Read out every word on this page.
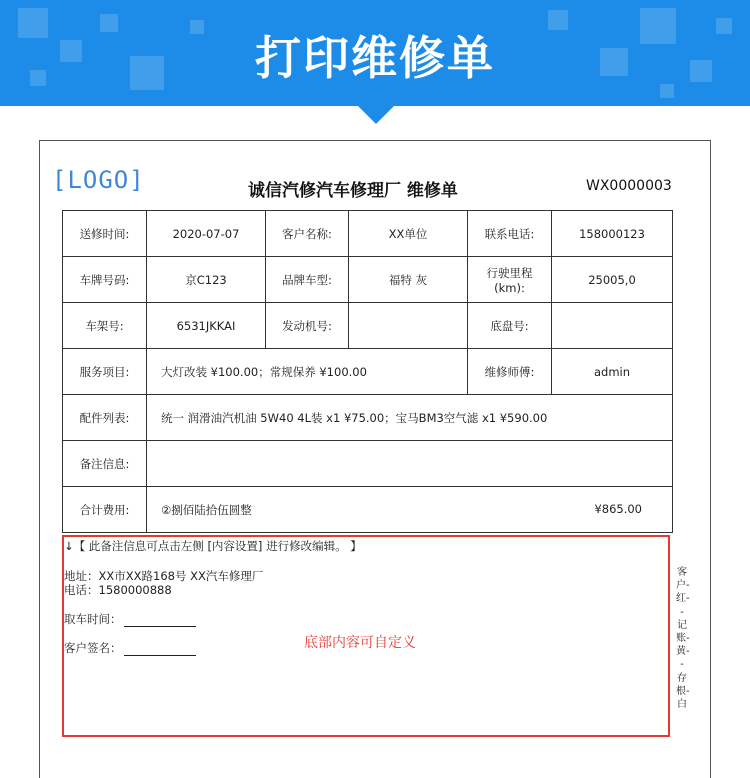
打印维修单
[LOGO]	诚信汽修汽车修理厂 维修单	WX0000003
送修时间:	2020-07-07	客户名称:	XX单位	联系电话:	158000123
车牌号码:	京C123	品牌车型:	福特 灰	行驶里程(km):	25005,0
车架号:	6531JKKAI	发动机号:		底盘号:	
服务项目:	大灯改装 ¥100.00；常规保养 ¥100.00			维修师傅:	admin
配件列表:	统一 润滑油汽机油 5W40 4L装 x1 ¥75.00；宝马BM3空气滤 x1 ¥590.00				
备注信息:					
合计费用:	②捌佰陆拾伍圆整 ¥865.00				
↓【 此备注信息可点击左侧 [内容设置] 进行修改编辑。 】
地址：XX市XX路168号 XX汽车修理厂
电话：1580000888
取车时间：
客户签名：	底部内容可自定义
客户-红--记账-黄--存根-白
